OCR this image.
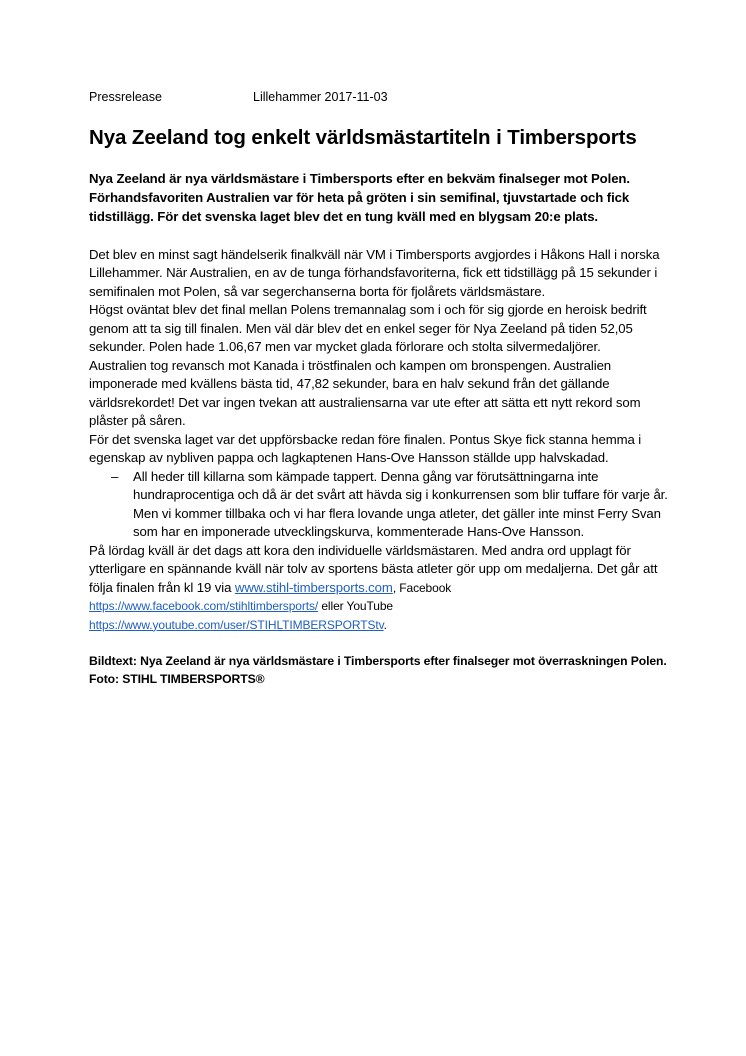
Pressrelease	Lillehammer 2017-11-03
Nya Zeeland tog enkelt världsmästartiteln i Timbersports

Nya Zeeland är nya världsmästare i Timbersports efter en bekväm finalseger mot Polen. Förhandsfavoriten Australien var för heta på gröten i sin semifinal, tjuvstartade och fick tidstillägg. För det svenska laget blev det en tung kväll med en blygsam 20:e plats.

Det blev en minst sagt händelserik finalkväll när VM i Timbersports avgjordes i Håkons Hall i norska Lillehammer. När Australien, en av de tunga förhandsfavoriterna, fick ett tidstillägg på 15 sekunder i semifinalen mot Polen, så var segerchanserna borta för fjolårets världsmästare.

Högst oväntat blev det final mellan Polens tremannalag som i och för sig gjorde en heroisk bedrift genom att ta sig till finalen. Men väl där blev det en enkel seger för Nya Zeeland på tiden 52,05 sekunder. Polen hade 1.06,67 men var mycket glada förlorare och stolta silvermedaljörer.

Australien tog revansch mot Kanada i tröstfinalen och kampen om bronspengen. Australien imponerade med kvällens bästa tid, 47,82 sekunder, bara en halv sekund från det gällande världsrekordet! Det var ingen tvekan att australiensarna var ute efter att sätta ett nytt rekord som plåster på såren.

För det svenska laget var det uppförsbacke redan före finalen. Pontus Skye fick stanna hemma i egenskap av nybliven pappa och lagkaptenen Hans-Ove Hansson ställde upp halvskadad.

–	All heder till killarna som kämpade tappert. Denna gång var förutsättningarna inte hundraprocentiga och då är det svårt att hävda sig i konkurrensen som blir tuffare för varje år. Men vi kommer tillbaka och vi har flera lovande unga atleter, det gäller inte minst Ferry Svan som har en imponerade utvecklingskurva, kommenterade Hans-Ove Hansson.

På lördag kväll är det dags att kora den individuelle världsmästaren. Med andra ord upplagt för ytterligare en spännande kväll när tolv av sportens bästa atleter gör upp om medaljerna. Det går att följa finalen från kl 19 via www.stihl-timbersports.com, Facebook
https://www.facebook.com/stihltimbersports/ eller YouTube
https://www.youtube.com/user/STIHLTIMBERSPORTStv.

Bildtext: Nya Zeeland är nya världsmästare i Timbersports efter finalseger mot överraskningen Polen. Foto: STIHL TIMBERSPORTS®
